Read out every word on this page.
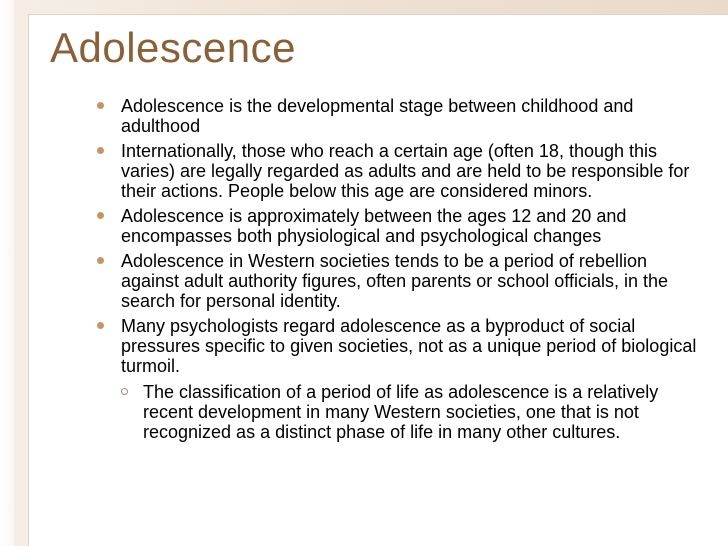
Adolescence
Adolescence is the developmental stage between childhood and adulthood
Internationally, those who reach a certain age (often 18, though this varies) are legally regarded as adults and are held to be responsible for their actions. People below this age are considered minors.
Adolescence is approximately between the ages 12 and 20 and encompasses both physiological and psychological changes
Adolescence in Western societies tends to be a period of rebellion against adult authority figures, often parents or school officials, in the search for personal identity.
Many psychologists regard adolescence as a byproduct of social pressures specific to given societies, not as a unique period of biological turmoil.
The classification of a period of life as adolescence is a relatively recent development in many Western societies, one that is not recognized as a distinct phase of life in many other cultures.
